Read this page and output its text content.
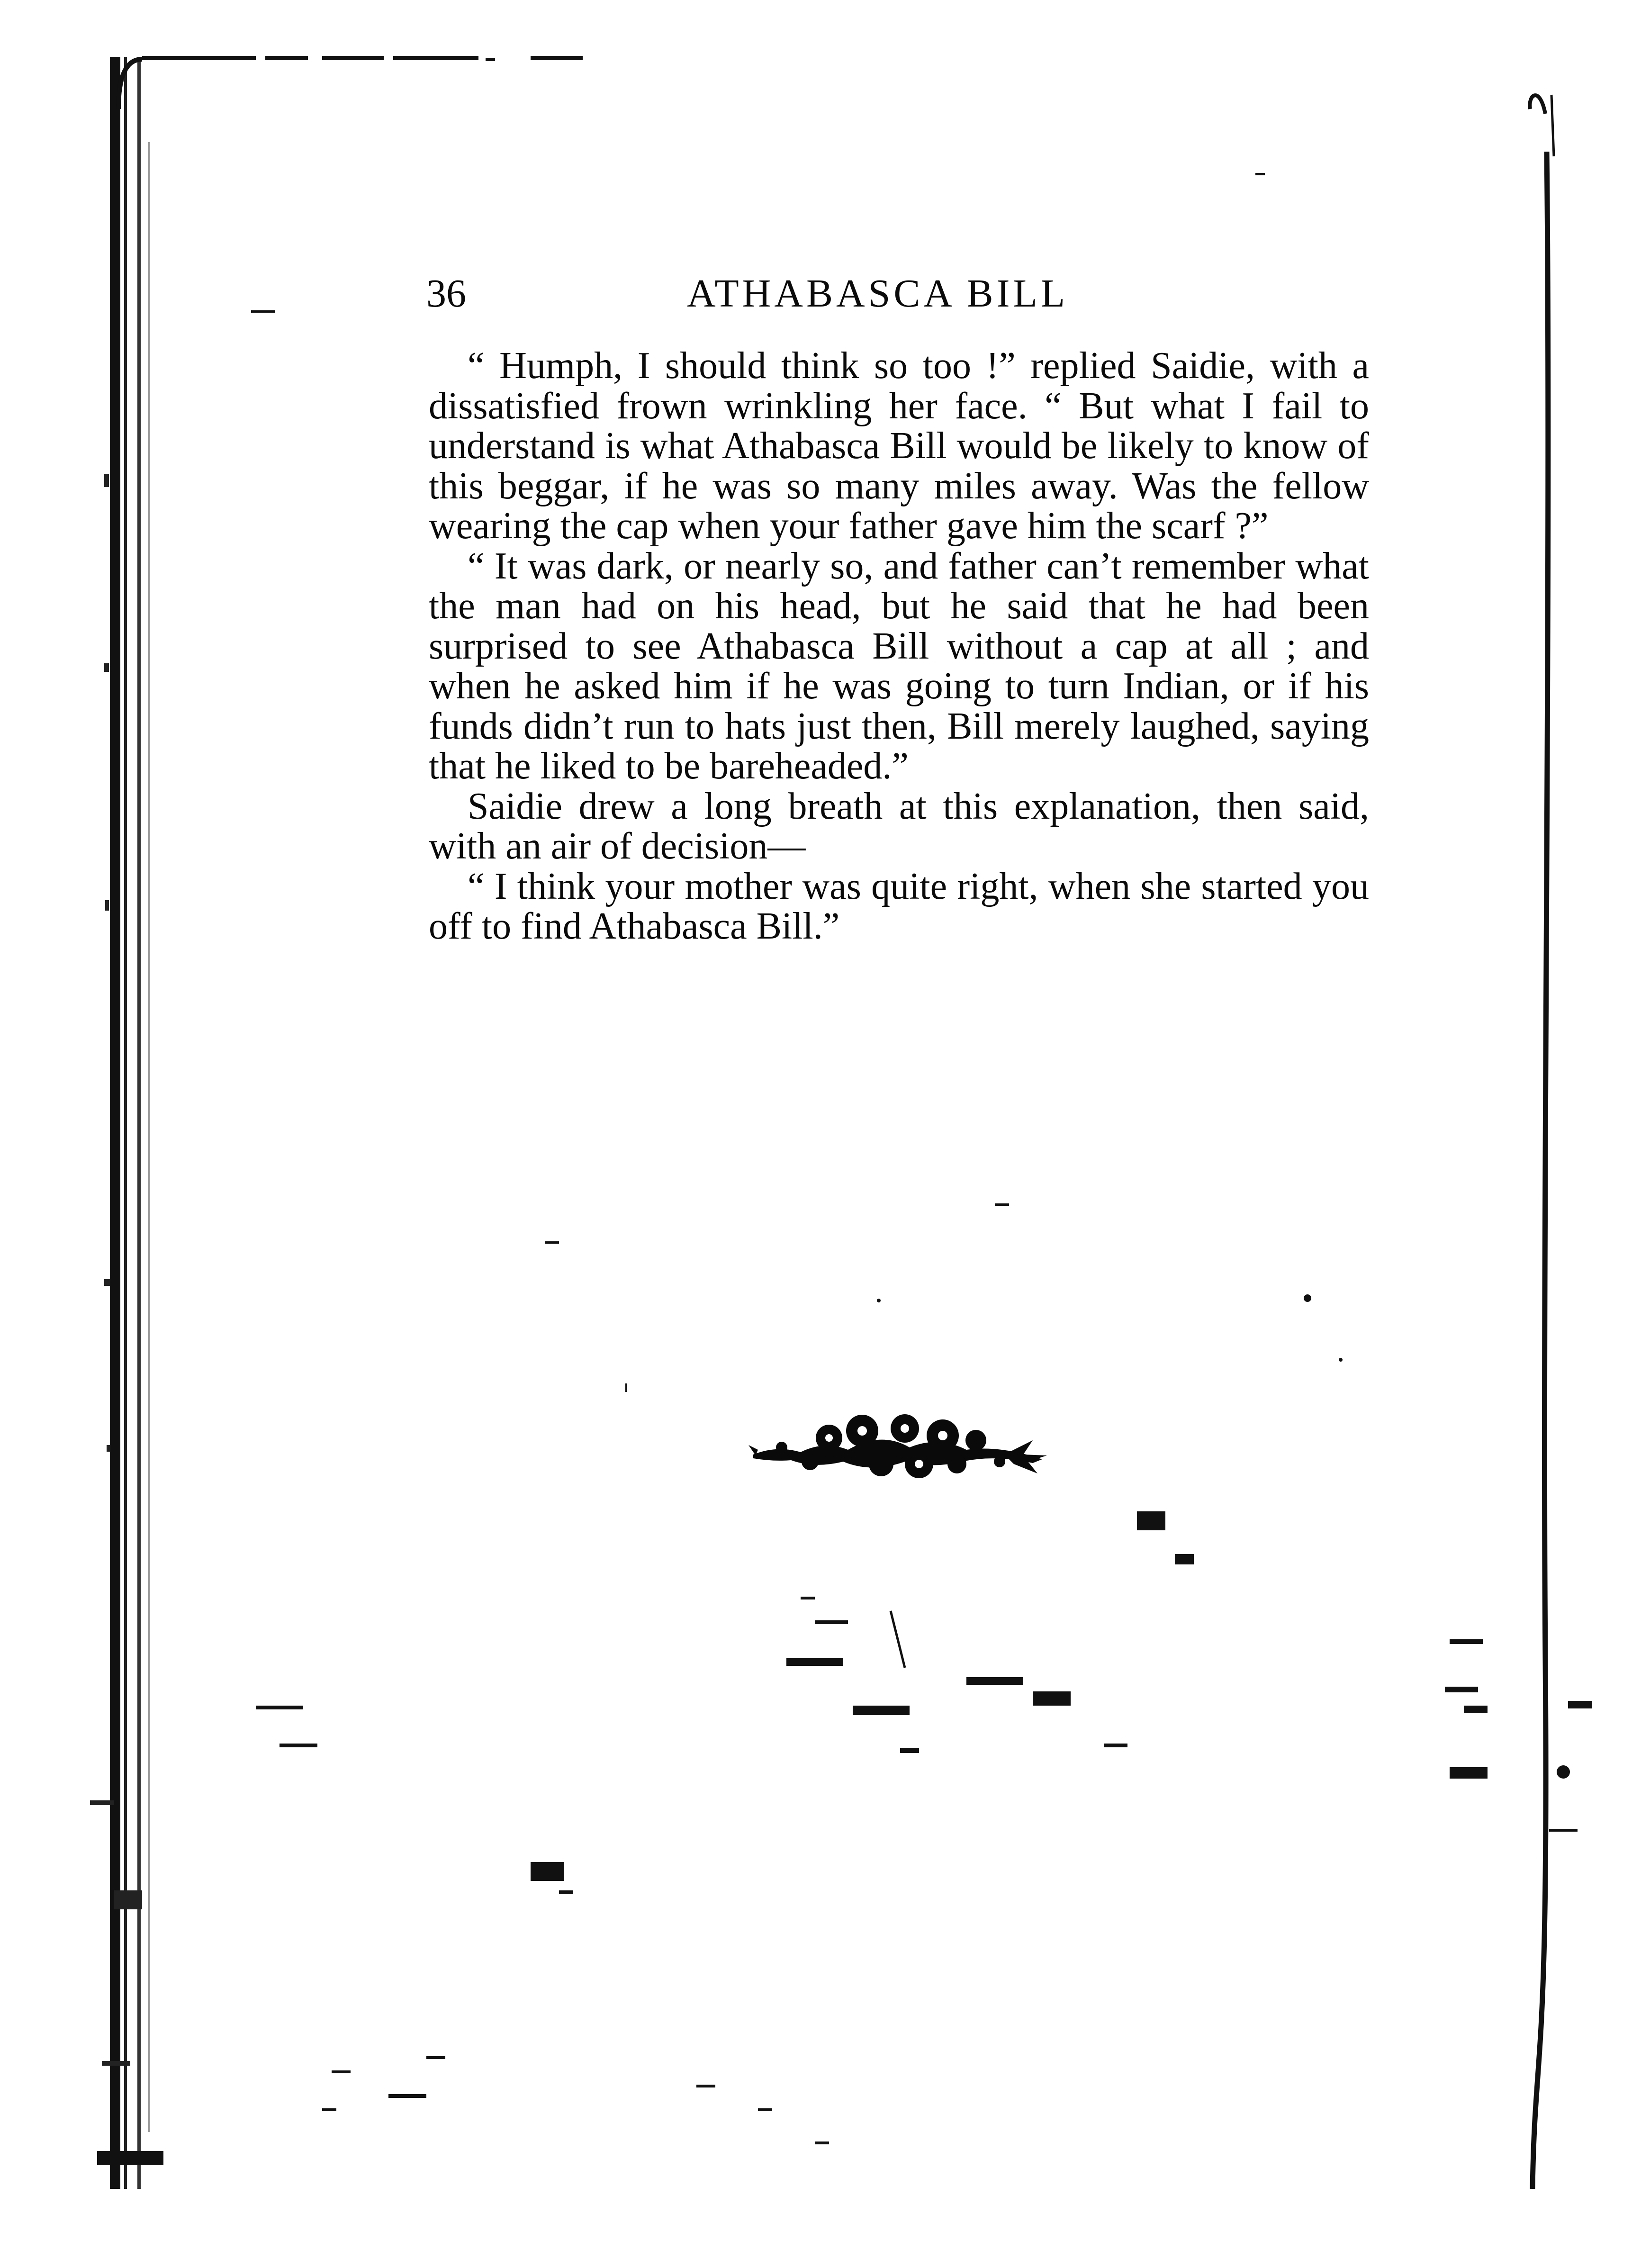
36	ATHABASCA BILL

“ Humph, I should think so too !” replied Saidie, with a dissatisfied frown wrinkling her face. “ But what I fail to understand is what Athabasca Bill would be likely to know of this beggar, if he was so many miles away. Was the fellow wearing the cap when your father gave him the scarf ?”

“ It was dark, or nearly so, and father can’t remember what the man had on his head, but he said that he had been surprised to see Athabasca Bill without a cap at all ; and when he asked him if he was going to turn Indian, or if his funds didn’t run to hats just then, Bill merely laughed, saying that he liked to be bareheaded.”

Saidie drew a long breath at this explanation, then said, with an air of decision—

“ I think your mother was quite right, when she started you off to find Athabasca Bill.”
